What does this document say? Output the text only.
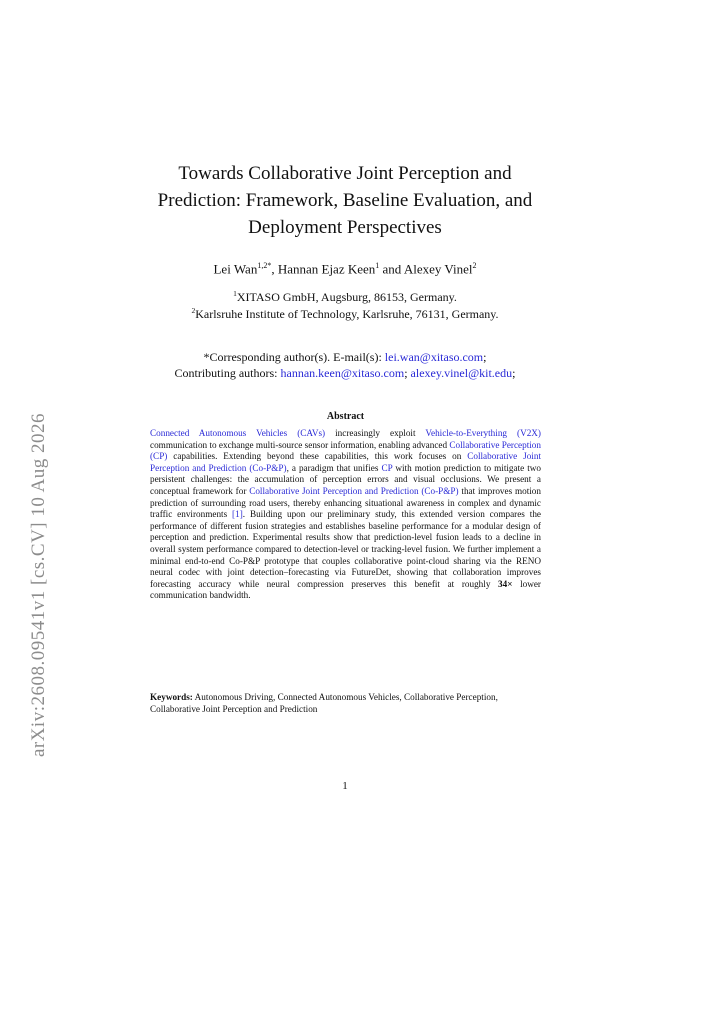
arXiv:2608.09541v1 [cs.CV] 10 Aug 2026
Towards Collaborative Joint Perception and
Prediction: Framework, Baseline Evaluation, and
Deployment Perspectives
Lei Wan$^{1,2*}$, Hannan Ejaz Keen$^1$ and Alexey Vinel$^2$
$^1$XITASO GmbH, Augsburg, 86153, Germany.
$^2$Karlsruhe Institute of Technology, Karlsruhe, 76131, Germany.
*Corresponding author(s). E-mail(s): lei.wan@xitaso.com;
Contributing authors: hannan.keen@xitaso.com; alexey.vinel@kit.edu;
Abstract
Connected Autonomous Vehicles (CAVs) increasingly exploit Vehicle-to-Everything (V2X) communication to exchange multi-source sensor information, enabling advanced Collaborative Perception (CP) capabilities. Extending beyond these capabilities, this work focuses on Collaborative Joint Perception and Prediction (Co-P&P), a paradigm that unifies CP with motion prediction to mitigate two persistent challenges: the accumulation of perception errors and visual occlusions. We present a conceptual framework for Collaborative Joint Perception and Prediction (Co-P&P) that improves motion prediction of surrounding road users, thereby enhancing situational awareness in complex and dynamic traffic environments [1]. Building upon our preliminary study, this extended version compares the performance of different fusion strategies and establishes baseline performance for a modular design of perception and prediction. Experimental results show that prediction-level fusion leads to a decline in overall system performance compared to detection-level or tracking-level fusion. We further implement a minimal end-to-end Co-P&P prototype that couples collaborative point-cloud sharing via the RENO neural codec with joint detection–forecasting via FutureDet, showing that collaboration improves forecasting accuracy while neural compression preserves this benefit at roughly 34× lower communication bandwidth.
Keywords: Autonomous Driving, Connected Autonomous Vehicles, Collaborative Perception, Collaborative Joint Perception and Prediction
1
